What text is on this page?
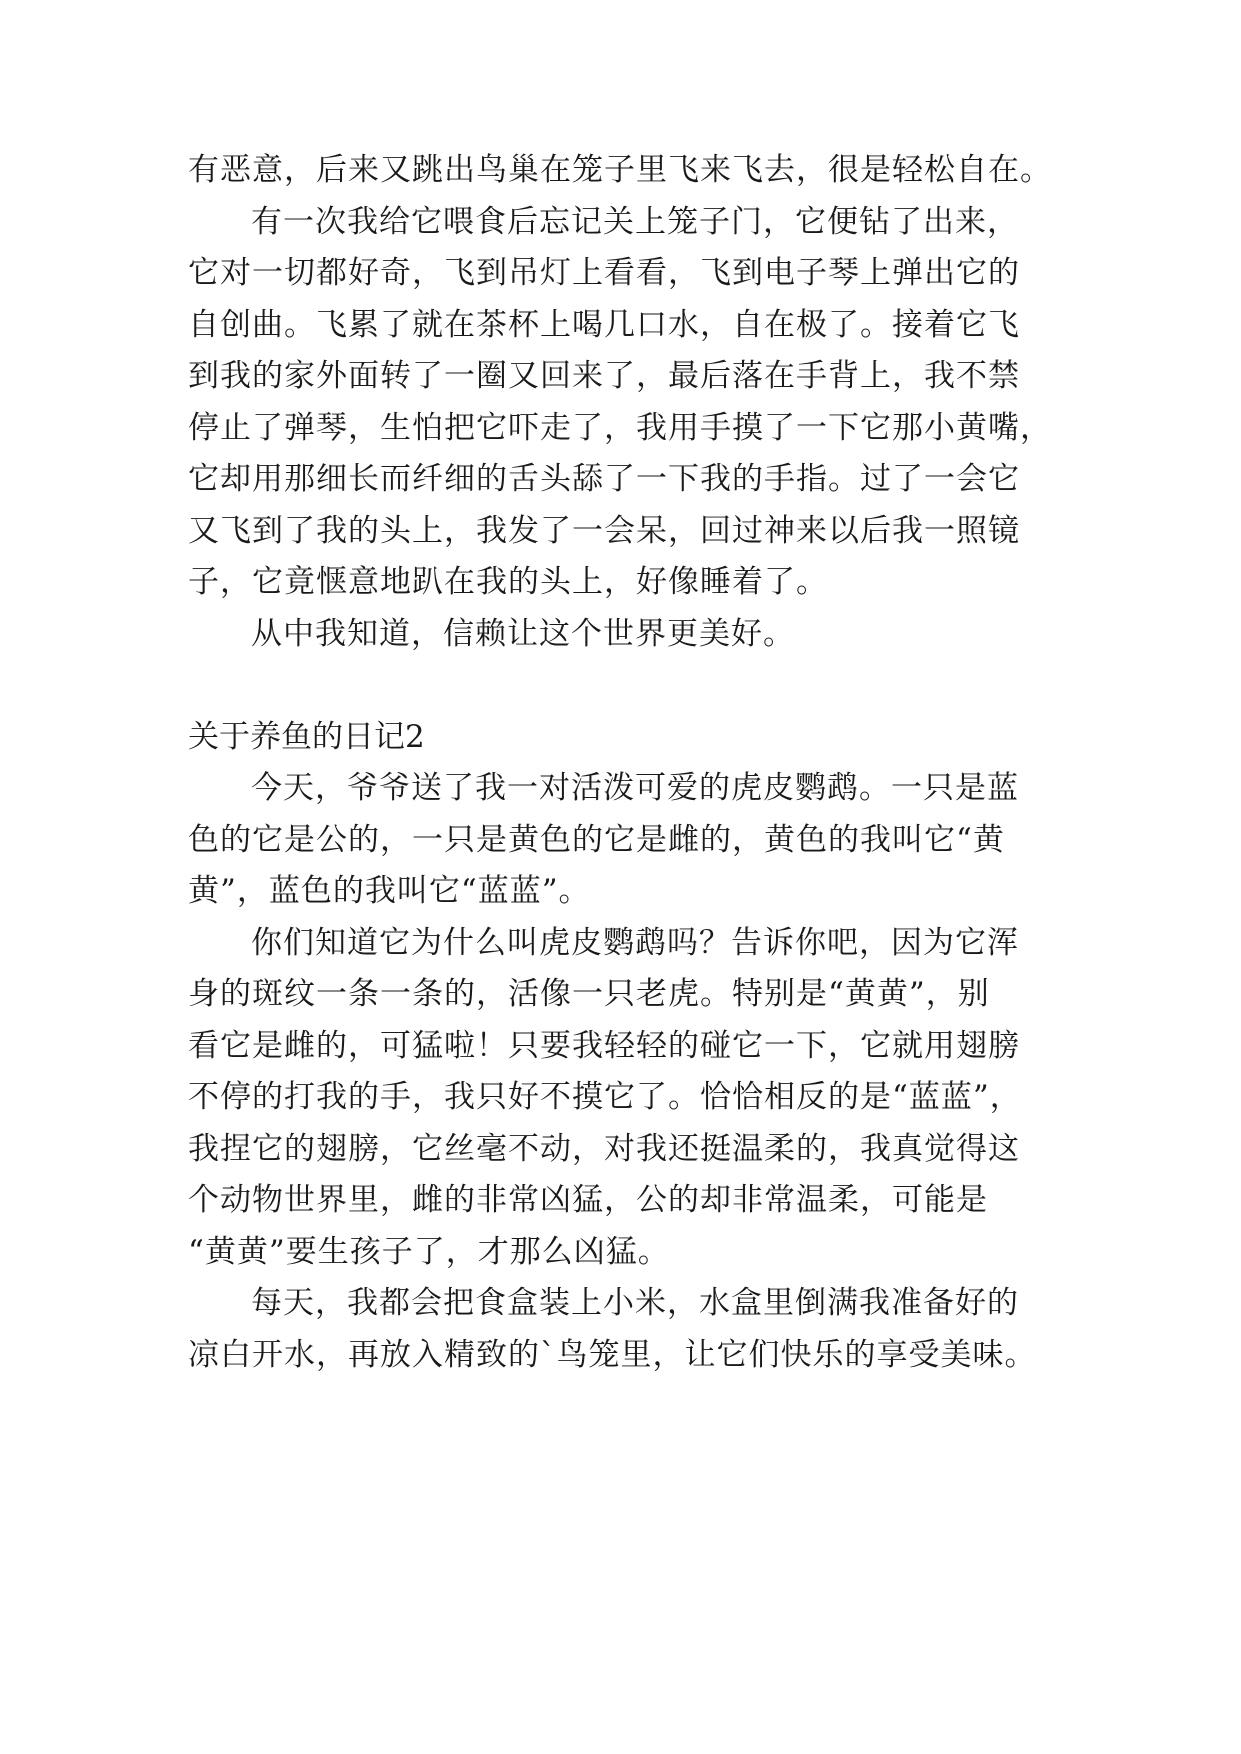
有恶意，后来又跳出鸟巢在笼子里飞来飞去，很是轻松自在。
有一次我给它喂食后忘记关上笼子门，它便钻了出来，
它对一切都好奇，飞到吊灯上看看，飞到电子琴上弹出它的
自创曲。飞累了就在茶杯上喝几口水，自在极了。接着它飞
到我的家外面转了一圈又回来了，最后落在手背上，我不禁
停止了弹琴，生怕把它吓走了，我用手摸了一下它那小黄嘴，
它却用那细长而纤细的舌头舔了一下我的手指。过了一会它
又飞到了我的头上，我发了一会呆，回过神来以后我一照镜
子，它竟惬意地趴在我的头上，好像睡着了。
从中我知道，信赖让这个世界更美好。
关于养鱼的日记2
今天，爷爷送了我一对活泼可爱的虎皮鹦鹉。一只是蓝
色的它是公的，一只是黄色的它是雌的，黄色的我叫它“黄
黄”，蓝色的我叫它“蓝蓝”。
你们知道它为什么叫虎皮鹦鹉吗？告诉你吧，因为它浑
身的斑纹一条一条的，活像一只老虎。特别是“黄黄”，别
看它是雌的，可猛啦！只要我轻轻的碰它一下，它就用翅膀
不停的打我的手，我只好不摸它了。恰恰相反的是“蓝蓝”，
我捏它的翅膀，它丝毫不动，对我还挺温柔的，我真觉得这
个动物世界里，雌的非常凶猛，公的却非常温柔，可能是
“黄黄”要生孩子了，才那么凶猛。
每天，我都会把食盒装上小米，水盒里倒满我准备好的
凉白开水，再放入精致的`鸟笼里，让它们快乐的享受美味。
